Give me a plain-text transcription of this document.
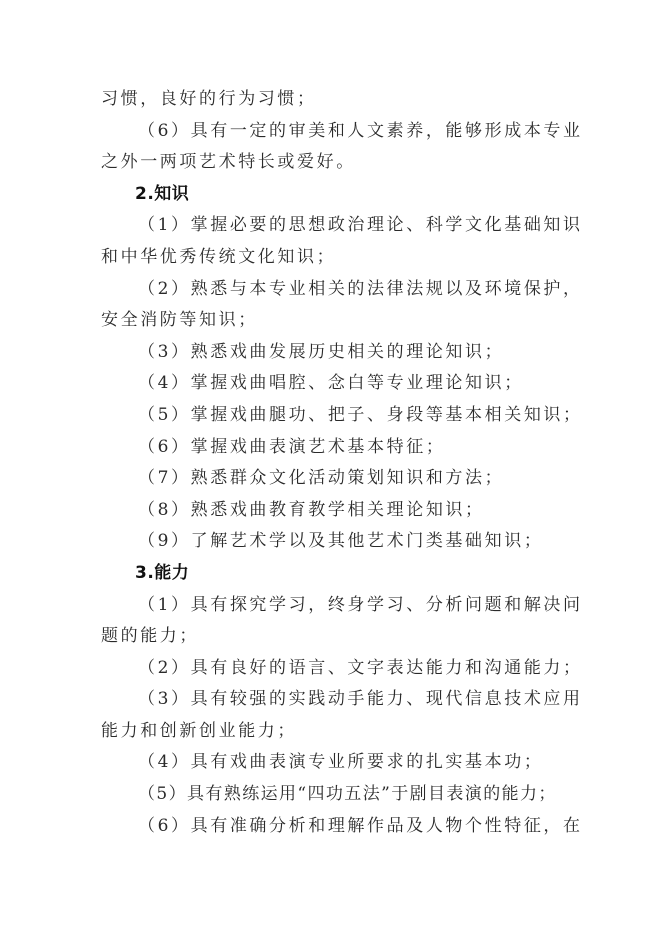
习惯，良好的行为习惯；
（6）具有一定的审美和人文素养，能够形成本专业
之外一两项艺术特长或爱好。
2.知识
（1）掌握必要的思想政治理论、科学文化基础知识
和中华优秀传统文化知识；
（2）熟悉与本专业相关的法律法规以及环境保护，
安全消防等知识；
（3）熟悉戏曲发展历史相关的理论知识；
（4）掌握戏曲唱腔、念白等专业理论知识；
（5）掌握戏曲腿功、把子、身段等基本相关知识；
（6）掌握戏曲表演艺术基本特征；
（7）熟悉群众文化活动策划知识和方法；
（8）熟悉戏曲教育教学相关理论知识；
（9）了解艺术学以及其他艺术门类基础知识；
3.能力
（1）具有探究学习，终身学习、分析问题和解决问
题的能力；
（2）具有良好的语言、文字表达能力和沟通能力；
（3）具有较强的实践动手能力、现代信息技术应用
能力和创新创业能力；
（4）具有戏曲表演专业所要求的扎实基本功；
（5）具有熟练运用“四功五法”于剧目表演的能力；
（6）具有准确分析和理解作品及人物个性特征，在
